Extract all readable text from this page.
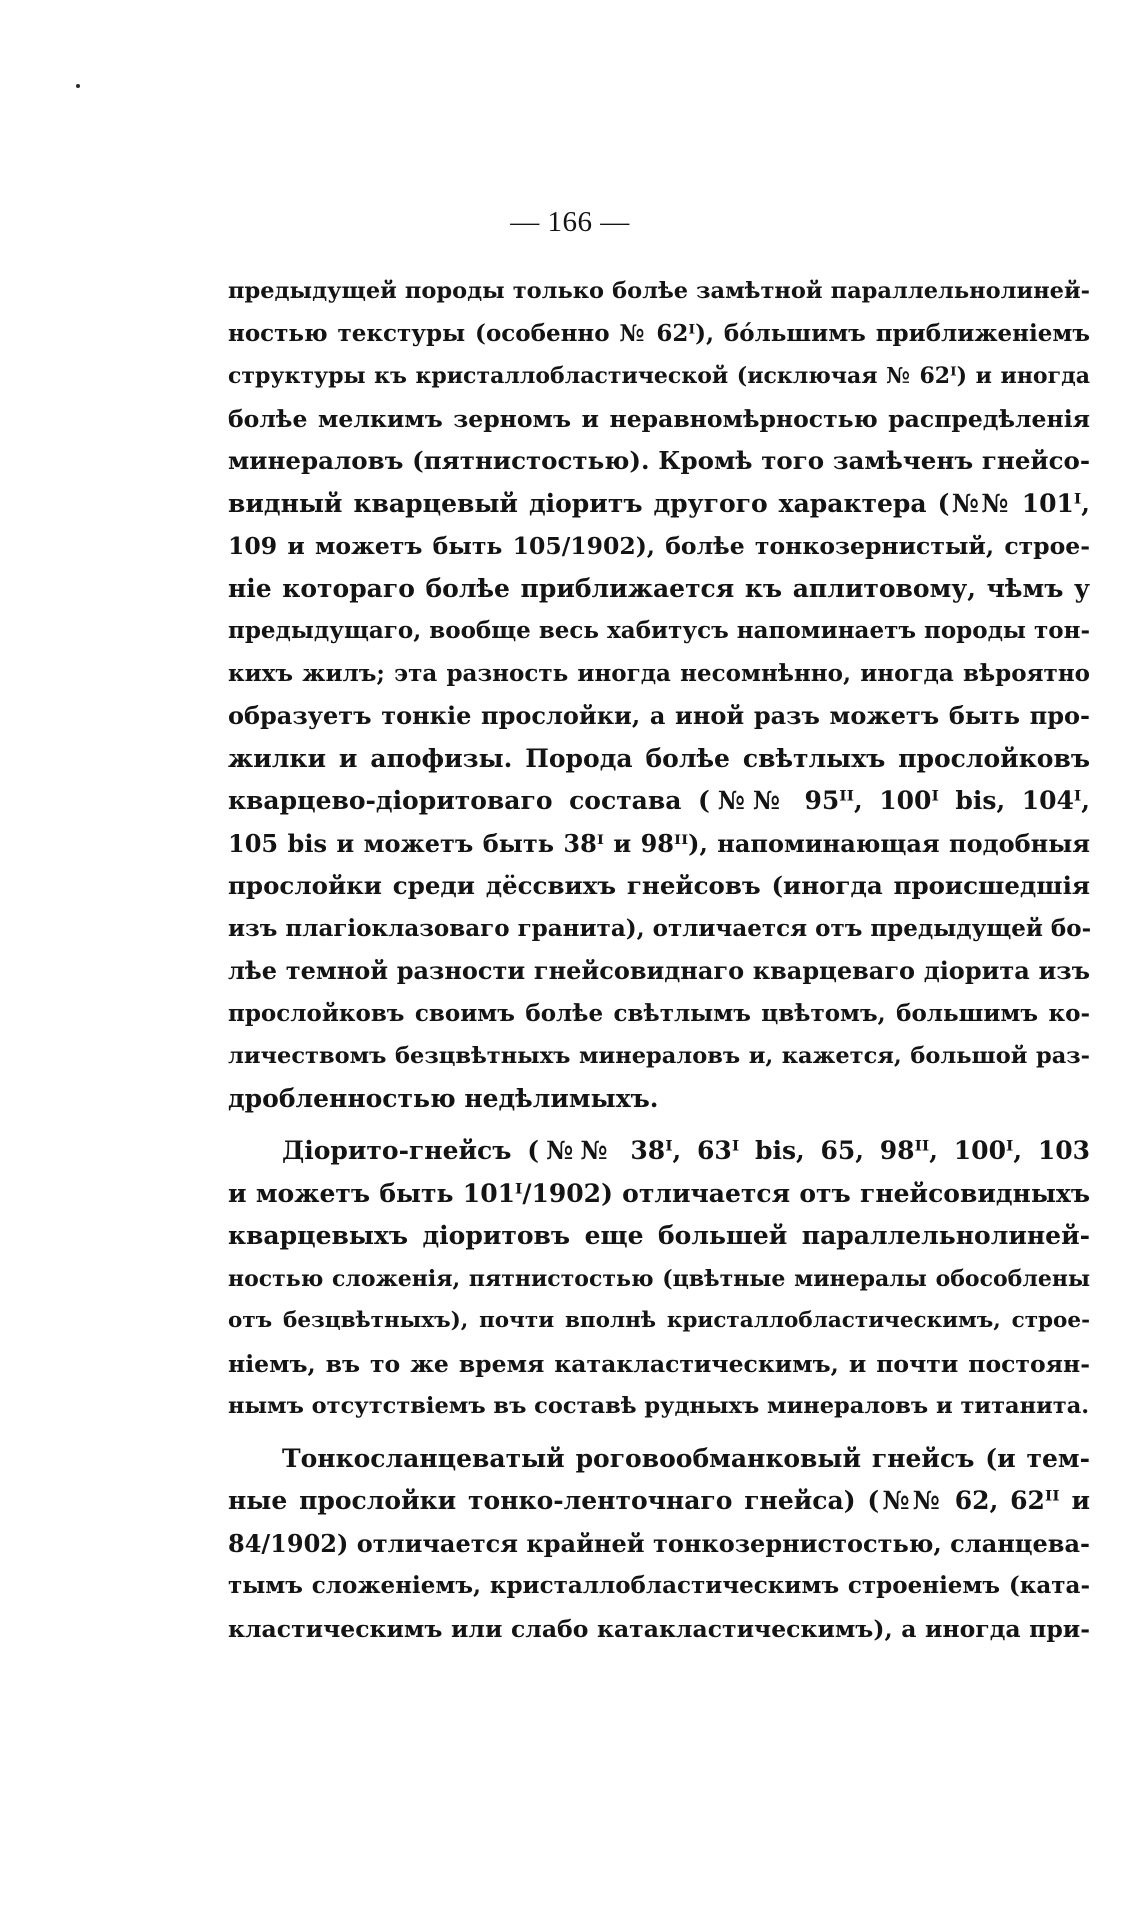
— 166 —
предыдущей породы только болѣе замѣтной параллельнолиней-
ностью текстуры (особенно № 62ᴵ), бо́льшимъ приближеніемъ
структуры къ кристаллобластической (исключая № 62ᴵ) и иногда
болѣе мелкимъ зерномъ и неравномѣрностью распредѣленія
минераловъ (пятнистостью). Кромѣ того замѣченъ гнейсо-
видный кварцевый діоритъ другого характера (№№ 101ᴵ,
109 и можетъ быть 105/1902), болѣе тонкозернистый, строе-
ніе котораго болѣе приближается къ аплитовому, чѣмъ у
предыдущаго, вообще весь хабитусъ напоминаетъ породы тон-
кихъ жилъ; эта разность иногда несомнѣнно, иногда вѣроятно
образуетъ тонкіе прослойки, а иной разъ можетъ быть про-
жилки и апофизы. Порода болѣе свѣтлыхъ прослойковъ
кварцево-діоритоваго состава (№№ 95ᴵᴵ, 100ᴵ bis, 104ᴵ,
105 bis и можетъ быть 38ᴵ и 98ᴵᴵ), напоминающая подобныя
прослойки среди дёссвихъ гнейсовъ (иногда происшедшія
изъ плагіоклазоваго гранита), отличается отъ предыдущей бо-
лѣе темной разности гнейсовиднаго кварцеваго діорита изъ
прослойковъ своимъ болѣе свѣтлымъ цвѣтомъ, большимъ ко-
личествомъ безцвѣтныхъ минераловъ и, кажется, большой раз-
дробленностью недѣлимыхъ.
Діорито-гнейсъ (№№ 38ᴵ, 63ᴵ bis, 65, 98ᴵᴵ, 100ᴵ, 103
и можетъ быть 101ᴵ/1902) отличается отъ гнейсовидныхъ
кварцевыхъ діоритовъ еще большей параллельнолиней-
ностью сложенія, пятнистостью (цвѣтные минералы обособлены
отъ безцвѣтныхъ), почти вполнѣ кристаллобластическимъ, строе-
ніемъ, въ то же время катакластическимъ, и почти постоян-
нымъ отсутствіемъ въ составѣ рудныхъ минераловъ и титанита.
Тонкосланцеватый роговообманковый гнейсъ (и тем-
ные прослойки тонко-ленточнаго гнейса) (№№ 62, 62ᴵᴵ и
84/1902) отличается крайней тонкозернистостью, сланцева-
тымъ сложеніемъ, кристаллобластическимъ строеніемъ (ката-
кластическимъ или слабо катакластическимъ), а иногда при-
